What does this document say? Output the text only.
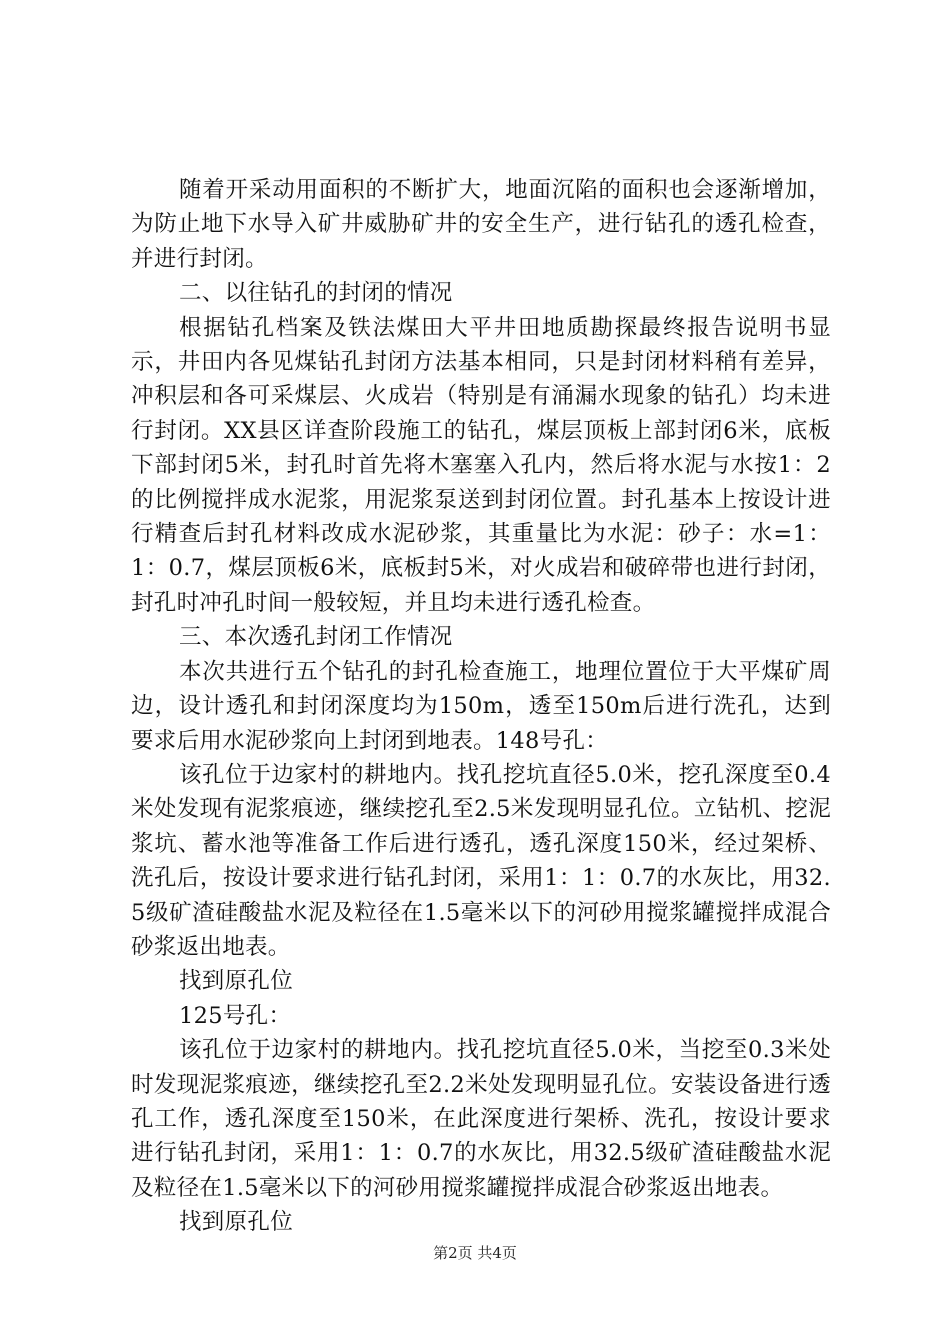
随着开采动用面积的不断扩大，地面沉陷的面积也会逐渐增加，为防止地下水导入矿井威胁矿井的安全生产，进行钻孔的透孔检查，并进行封闭。

二、以往钻孔的封闭的情况

根据钻孔档案及铁法煤田大平井田地质勘探最终报告说明书显示，井田内各见煤钻孔封闭方法基本相同，只是封闭材料稍有差异，冲积层和各可采煤层、火成岩（特别是有涌漏水现象的钻孔）均未进行封闭。XX县区详查阶段施工的钻孔，煤层顶板上部封闭6米，底板下部封闭5米，封孔时首先将木塞塞入孔内，然后将水泥与水按1：2的比例搅拌成水泥浆，用泥浆泵送到封闭位置。封孔基本上按设计进行精查后封孔材料改成水泥砂浆，其重量比为水泥：砂子：水=1：1：0.7，煤层顶板6米，底板封5米，对火成岩和破碎带也进行封闭，封孔时冲孔时间一般较短，并且均未进行透孔检查。

三、本次透孔封闭工作情况

本次共进行五个钻孔的封孔检查施工，地理位置位于大平煤矿周边，设计透孔和封闭深度均为150m，透至150m后进行洗孔，达到要求后用水泥砂浆向上封闭到地表。148号孔：

该孔位于边家村的耕地内。找孔挖坑直径5.0米，挖孔深度至0.4米处发现有泥浆痕迹，继续挖孔至2.5米发现明显孔位。立钻机、挖泥浆坑、蓄水池等准备工作后进行透孔，透孔深度150米，经过架桥、洗孔后，按设计要求进行钻孔封闭，采用1：1：0.7的水灰比，用32.5级矿渣硅酸盐水泥及粒径在1.5毫米以下的河砂用搅浆罐搅拌成混合砂浆返出地表。

找到原孔位

125号孔：

该孔位于边家村的耕地内。找孔挖坑直径5.0米，当挖至0.3米处时发现泥浆痕迹，继续挖孔至2.2米处发现明显孔位。安装设备进行透孔工作，透孔深度至150米，在此深度进行架桥、洗孔，按设计要求进行钻孔封闭，采用1：1：0.7的水灰比，用32.5级矿渣硅酸盐水泥及粒径在1.5毫米以下的河砂用搅浆罐搅拌成混合砂浆返出地表。

找到原孔位

第2页 共4页
